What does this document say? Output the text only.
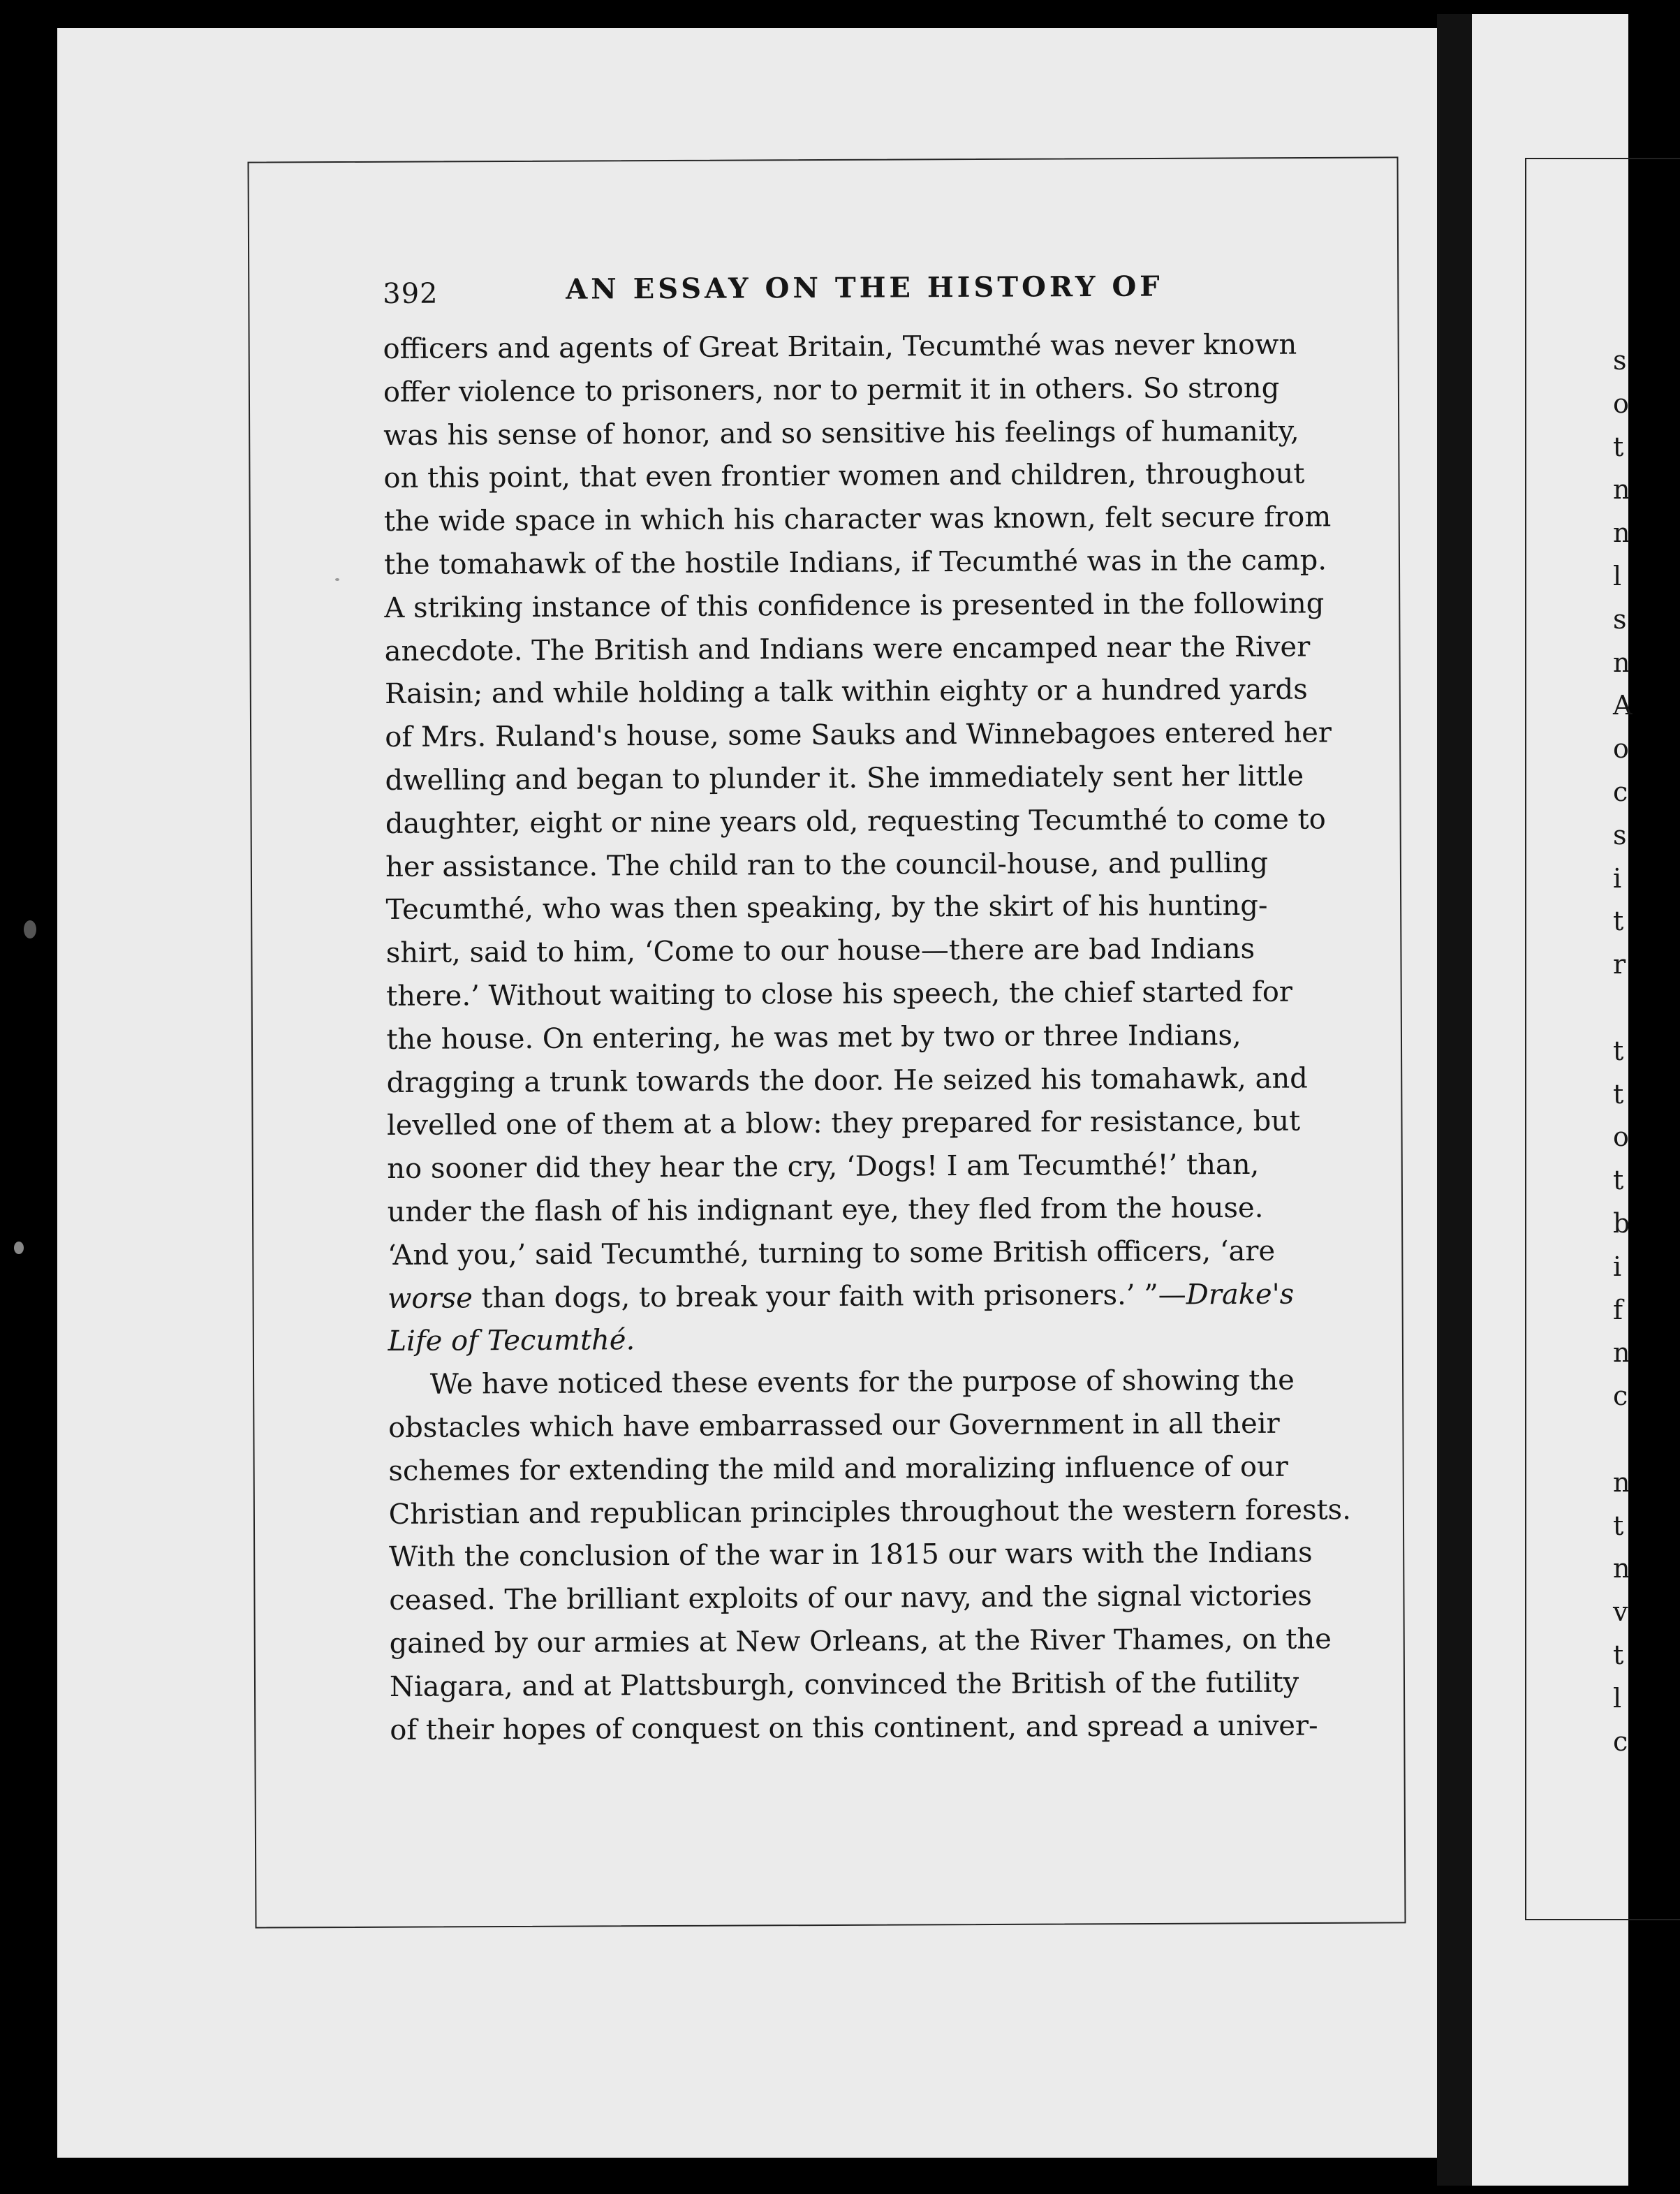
s
o
t
n
n
l
s
n
A
o
c
s
i
t
r
t
t
o
t
b
i
f
n
c
n
t
n
v
t
l
c
392	AN ESSAY ON THE HISTORY OF
officers and agents of Great Britain, Tecumthé was never known
offer violence to prisoners, nor to permit it in others. So strong
was his sense of honor, and so sensitive his feelings of humanity,
on this point, that even frontier women and children, throughout
the wide space in which his character was known, felt secure from
the tomahawk of the hostile Indians, if Tecumthé was in the camp.
A striking instance of this confidence is presented in the following
anecdote. The British and Indians were encamped near the River
Raisin; and while holding a talk within eighty or a hundred yards
of Mrs. Ruland's house, some Sauks and Winnebagoes entered her
dwelling and began to plunder it. She immediately sent her little
daughter, eight or nine years old, requesting Tecumthé to come to
her assistance. The child ran to the council-house, and pulling
Tecumthé, who was then speaking, by the skirt of his hunting-
shirt, said to him, ‘Come to our house—there are bad Indians
there.’ Without waiting to close his speech, the chief started for
the house. On entering, he was met by two or three Indians,
dragging a trunk towards the door. He seized his tomahawk, and
levelled one of them at a blow: they prepared for resistance, but
no sooner did they hear the cry, ‘Dogs! I am Tecumthé!’ than,
under the flash of his indignant eye, they fled from the house.
‘And you,’ said Tecumthé, turning to some British officers, ‘are
worse than dogs, to break your faith with prisoners.’ ”—Drake's
Life of Tecumthé.
We have noticed these events for the purpose of showing the
obstacles which have embarrassed our Government in all their
schemes for extending the mild and moralizing influence of our
Christian and republican principles throughout the western forests.
With the conclusion of the war in 1815 our wars with the Indians
ceased. The brilliant exploits of our navy, and the signal victories
gained by our armies at New Orleans, at the River Thames, on the
Niagara, and at Plattsburgh, convinced the British of the futility
of their hopes of conquest on this continent, and spread a univer-
